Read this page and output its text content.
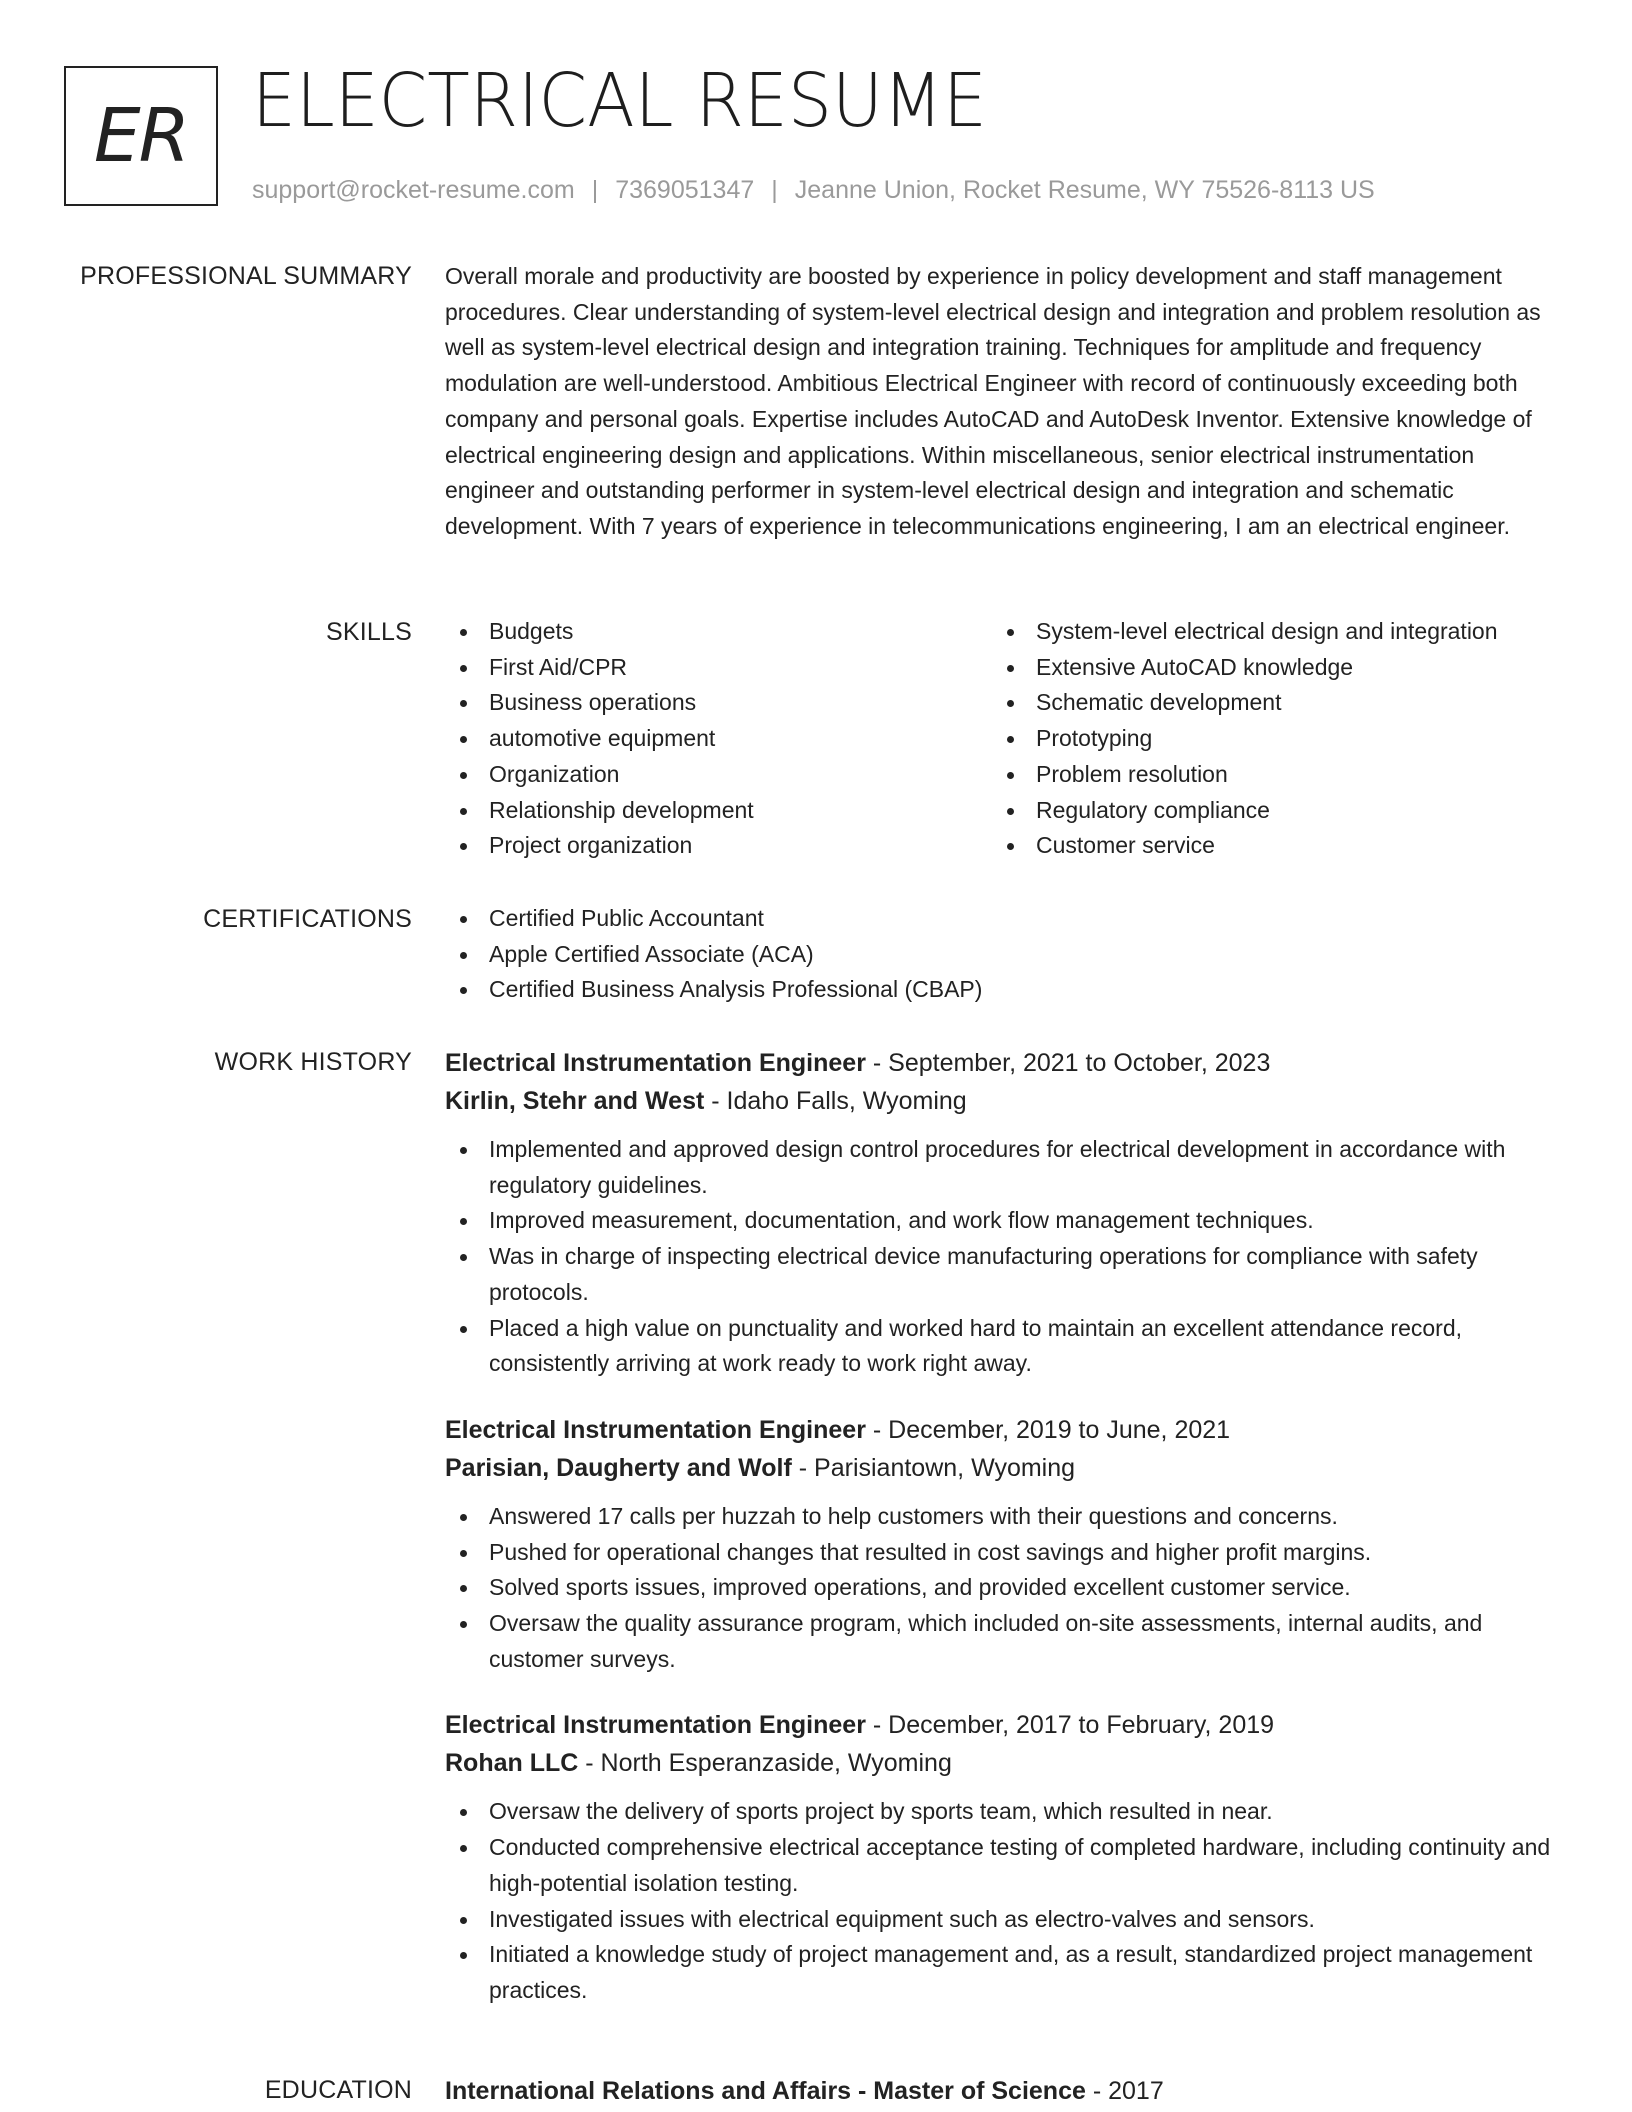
ER ELECTRICAL RESUME
support@rocket-resume.com | 7369051347 | Jeanne Union, Rocket Resume, WY 75526-8113 US
PROFESSIONAL SUMMARY Overall morale and productivity are boosted by experience in policy development and staff management procedures. Clear understanding of system-level electrical design and integration and problem resolution as well as system-level electrical design and integration training. Techniques for amplitude and frequency modulation are well-understood. Ambitious Electrical Engineer with record of continuously exceeding both company and personal goals. Expertise includes AutoCAD and AutoDesk Inventor. Extensive knowledge of electrical engineering design and applications. Within miscellaneous, senior electrical instrumentation engineer and outstanding performer in system-level electrical design and integration and schematic development. With 7 years of experience in telecommunications engineering, I am an electrical engineer.

SKILLS	Budgets
First Aid/CPR
Business operations
automotive equipment
Organization
Relationship development
Project organization
System-level electrical design and integration
Extensive AutoCAD knowledge
Schematic development
Prototyping
Problem resolution
Regulatory compliance
Customer service
CERTIFICATIONS	Certified Public Accountant
Apple Certified Associate (ACA)
Certified Business Analysis Professional (CBAP)
WORK HISTORY Electrical Instrumentation Engineer - September, 2021 to October, 2023
Kirlin, Stehr and West - Idaho Falls, Wyoming
Implemented and approved design control procedures for electrical development in accordance with regulatory guidelines.
Improved measurement, documentation, and work flow management techniques.
Was in charge of inspecting electrical device manufacturing operations for compliance with safety protocols.
Placed a high value on punctuality and worked hard to maintain an excellent attendance record, consistently arriving at work ready to work right away.
Electrical Instrumentation Engineer - December, 2019 to June, 2021
Parisian, Daugherty and Wolf - Parisiantown, Wyoming
Answered 17 calls per huzzah to help customers with their questions and concerns.
Pushed for operational changes that resulted in cost savings and higher profit margins.
Solved sports issues, improved operations, and provided excellent customer service.
Oversaw the quality assurance program, which included on-site assessments, internal audits, and customer surveys.
Electrical Instrumentation Engineer - December, 2017 to February, 2019
Rohan LLC - North Esperanzaside, Wyoming
Oversaw the delivery of sports project by sports team, which resulted in near.
Conducted comprehensive electrical acceptance testing of completed hardware, including continuity and high-potential isolation testing.
Investigated issues with electrical equipment such as electro-valves and sensors.
Initiated a knowledge study of project management and, as a result, standardized project management practices.
EDUCATION International Relations and Affairs - Master of Science - 2017
